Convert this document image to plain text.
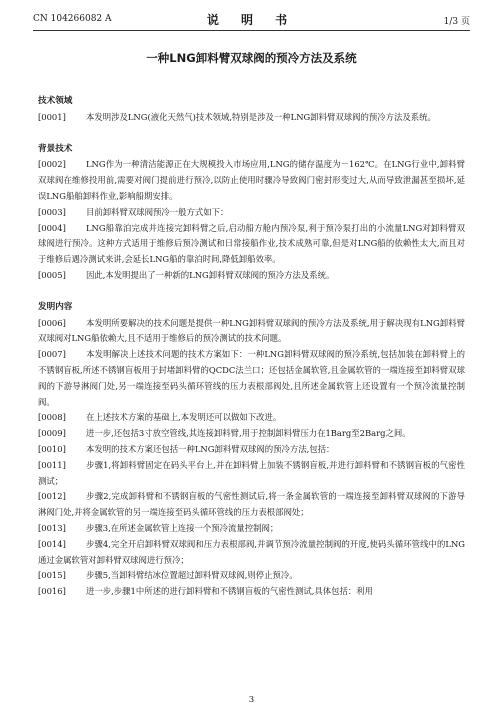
CN 104266082 A	说 明 书	1/3 页
一种LNG卸料臂双球阀的预冷方法及系统
技术领域

[0001] 本发明涉及LNG(液化天然气)技术领域,特别是涉及一种LNG卸料臂双球阀的预冷方法及系统。

背景技术

[0002] LNG作为一种清洁能源正在大规模投入市场应用,LNG的储存温度为－162℃。在LNG行业中,卸料臂双球阀在维修投用前,需要对阀门提前进行预冷,以防止使用时骤冷导致阀门密封形变过大,从而导致泄漏甚至损坏,延误LNG船舶卸料作业,影响船期安排。

[0003] 目前卸料臂双球阀预冷一般方式如下：

[0004] LNG船靠泊完成并连接完卸料臂之后,启动船方舱内预冷泵,利于预冷泵打出的小流量LNG对卸料臂双球阀进行预冷。这种方式适用于维修后预冷测试和日常接船作业,技术成熟可靠,但是对LNG船的依赖性太大,而且对于维修后遇冷测试来讲,会延长LNG船的靠泊时间,降低卸船效率。

[0005] 因此,本发明提出了一种新的LNG卸料臂双球阀的预冷方法及系统。

发明内容

[0006] 本发明所要解决的技术问题是提供一种LNG卸料臂双球阀的预冷方法及系统,用于解决现有LNG卸料臂双球阀对LNG船依赖大,且不适用于维修后的预冷测试的技术问题。

[0007] 本发明解决上述技术问题的技术方案如下：一种LNG卸料臂双球阀的预冷系统,包括加装在卸料臂上的不锈钢盲板,所述不锈钢盲板用于封堵卸料臂的QCDC法兰口；还包括金属软管,且金属软管的一端连接至卸料臂双球阀的下游导淋阀门处,另一端连接至码头循环管线的压力表根部阀处,且所述金属软管上还设置有一个预冷流量控制阀。

[0008] 在上述技术方案的基础上,本发明还可以做如下改进。

[0009] 进一步,还包括3寸放空管线,其连接卸料臂,用于控制卸料臂压力在1Barg至2Barg之间。

[0010] 本发明的技术方案还包括一种LNG卸料臂双球阀的预冷方法,包括：

[0011] 步骤1,将卸料臂固定在码头平台上,并在卸料臂上加装不锈钢盲板,并进行卸料臂和不锈钢盲板的气密性测试；

[0012] 步骤2,完成卸料臂和不锈钢盲板的气密性测试后,将一条金属软管的一端连接至卸料臂双球阀的下游导淋阀门处,并将金属软管的另一端连接至码头循环管线的压力表根部阀处；

[0013] 步骤3,在所述金属软管上连接一个预冷流量控制阀；

[0014] 步骤4,完全开启卸料臂双球阀和压力表根部阀,并调节预冷流量控制阀的开度,使码头循环管线中的LNG通过金属软管对卸料臂双球阀进行预冷；

[0015] 步骤5,当卸料臂结冰位置超过卸料臂双球阀,则停止预冷。

[0016] 进一步,步骤1中所述的进行卸料臂和不锈钢盲板的气密性测试,具体包括：利用

3
